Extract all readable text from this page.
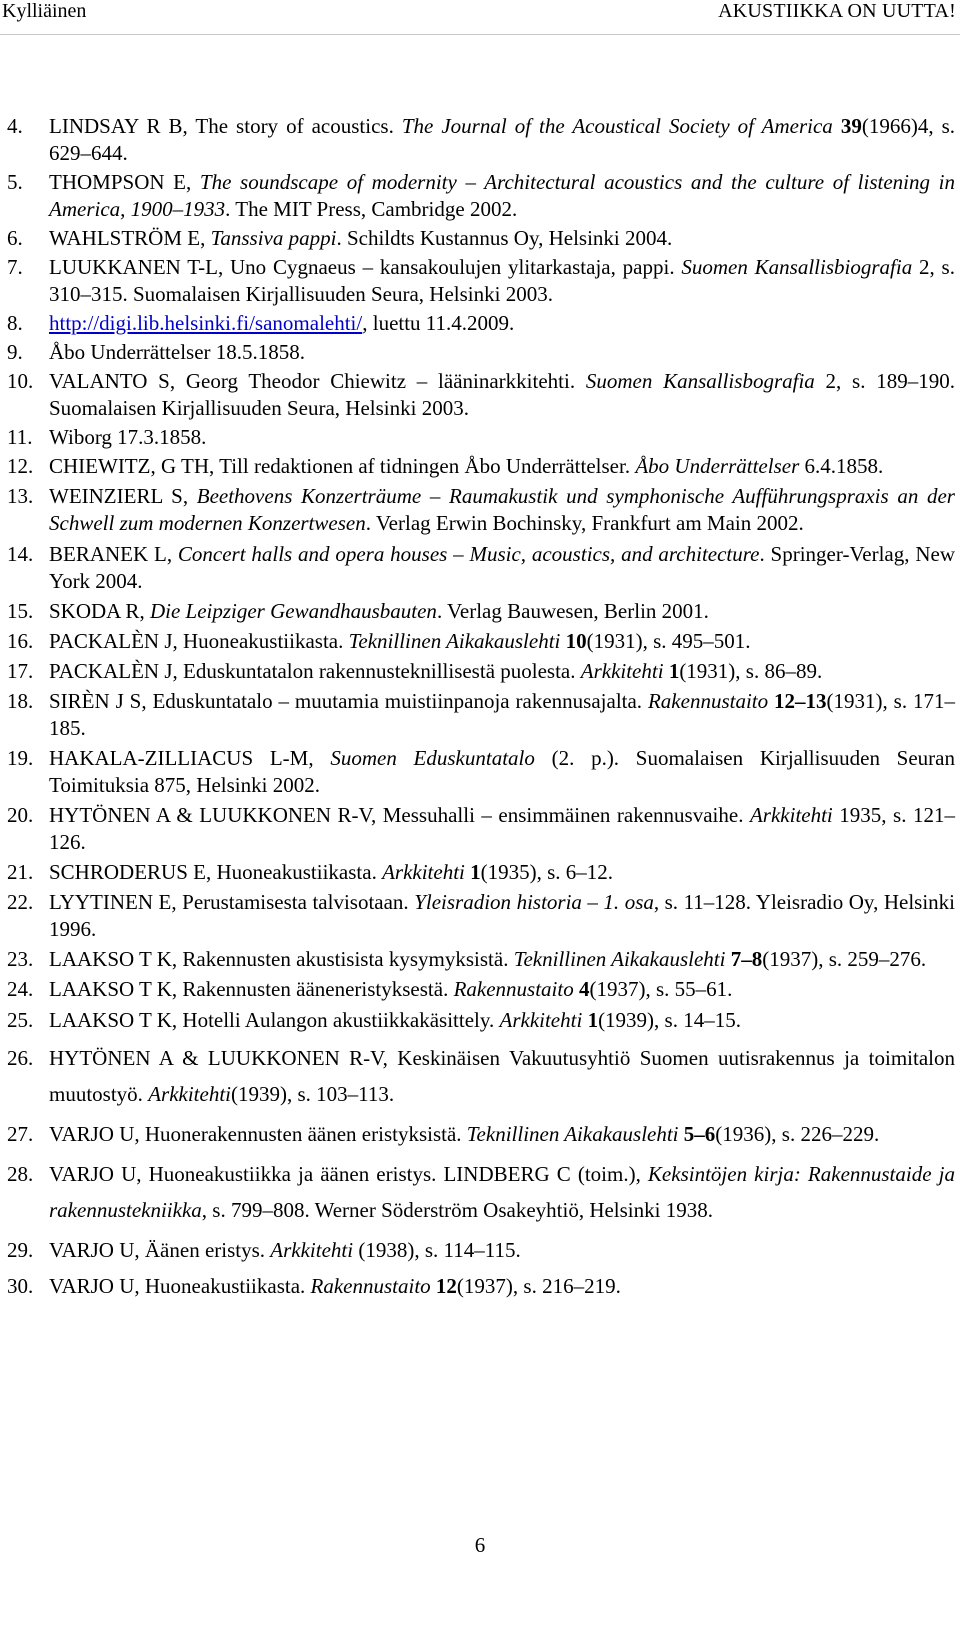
Kylliäinen	AKUSTIIKKA ON UUTTA!
4. LINDSAY R B, The story of acoustics. The Journal of the Acoustical Society of America 39(1966)4, s. 629–644.
5. THOMPSON E, The soundscape of modernity – Architectural acoustics and the culture of listening in America, 1900–1933. The MIT Press, Cambridge 2002.
6. WAHLSTRÖM E, Tanssiva pappi. Schildts Kustannus Oy, Helsinki 2004.
7. LUUKKANEN T-L, Uno Cygnaeus – kansakoulujen ylitarkastaja, pappi. Suomen Kansallisbiografia 2, s. 310–315. Suomalaisen Kirjallisuuden Seura, Helsinki 2003.
8. http://digi.lib.helsinki.fi/sanomalehti/, luettu 11.4.2009.
9. Åbo Underrättelser 18.5.1858.
10. VALANTO S, Georg Theodor Chiewitz – lääninarkkitehti. Suomen Kansallisbografia 2, s. 189–190. Suomalaisen Kirjallisuuden Seura, Helsinki 2003.
11. Wiborg 17.3.1858.
12. CHIEWITZ, G TH, Till redaktionen af tidningen Åbo Underrättelser. Åbo Underrättelser 6.4.1858.
13. WEINZIERL S, Beethovens Konzerträume – Raumakustik und symphonische Aufführungspraxis an der Schwell zum modernen Konzertwesen. Verlag Erwin Bochinsky, Frankfurt am Main 2002.
14. BERANEK L, Concert halls and opera houses – Music, acoustics, and architecture. Springer-Verlag, New York 2004.
15. SKODA R, Die Leipziger Gewandhausbauten. Verlag Bauwesen, Berlin 2001.
16. PACKALÈN J, Huoneakustiikasta. Teknillinen Aikakauslehti 10(1931), s. 495–501.
17. PACKALÈN J, Eduskuntatalon rakennusteknillisestä puolesta. Arkkitehti 1(1931), s. 86–89.
18. SIRÈN J S, Eduskuntatalo – muutamia muistiinpanoja rakennusajalta. Rakennustaito 12–13(1931), s. 171–185.
19. HAKALA-ZILLIACUS L-M, Suomen Eduskuntatalo (2. p.). Suomalaisen Kirjallisuuden Seuran Toimituksia 875, Helsinki 2002.
20. HYTÖNEN A & LUUKKONEN R-V, Messuhalli – ensimmäinen rakennusvaihe. Arkkitehti 1935, s. 121–126.
21. SCHRODERUS E, Huoneakustiikasta. Arkkitehti 1(1935), s. 6–12.
22. LYYTINEN E, Perustamisesta talvisotaan. Yleisradion historia – 1. osa, s. 11–128. Yleisradio Oy, Helsinki 1996.
23. LAAKSO T K, Rakennusten akustisista kysymyksistä. Teknillinen Aikakauslehti 7–8(1937), s. 259–276.
24. LAAKSO T K, Rakennusten ääneneristyksestä. Rakennustaito 4(1937), s. 55–61.
25. LAAKSO T K, Hotelli Aulangon akustiikkakäsittely. Arkkitehti 1(1939), s. 14–15.
26. HYTÖNEN A & LUUKKONEN R-V, Keskinäisen Vakuutusyhtiö Suomen uutisrakennus ja toimitalon muutostyö. Arkkitehti(1939), s. 103–113.
27. VARJO U, Huonerakennusten äänen eristyksistä. Teknillinen Aikakauslehti 5–6(1936), s. 226–229.
28. VARJO U, Huoneakustiikka ja äänen eristys. LINDBERG C (toim.), Keksintöjen kirja: Rakennustaide ja rakennustekniikka, s. 799–808. Werner Söderström Osakeyhtiö, Helsinki 1938.
29. VARJO U, Äänen eristys. Arkkitehti (1938), s. 114–115.
30. VARJO U, Huoneakustiikasta. Rakennustaito 12(1937), s. 216–219.
6
